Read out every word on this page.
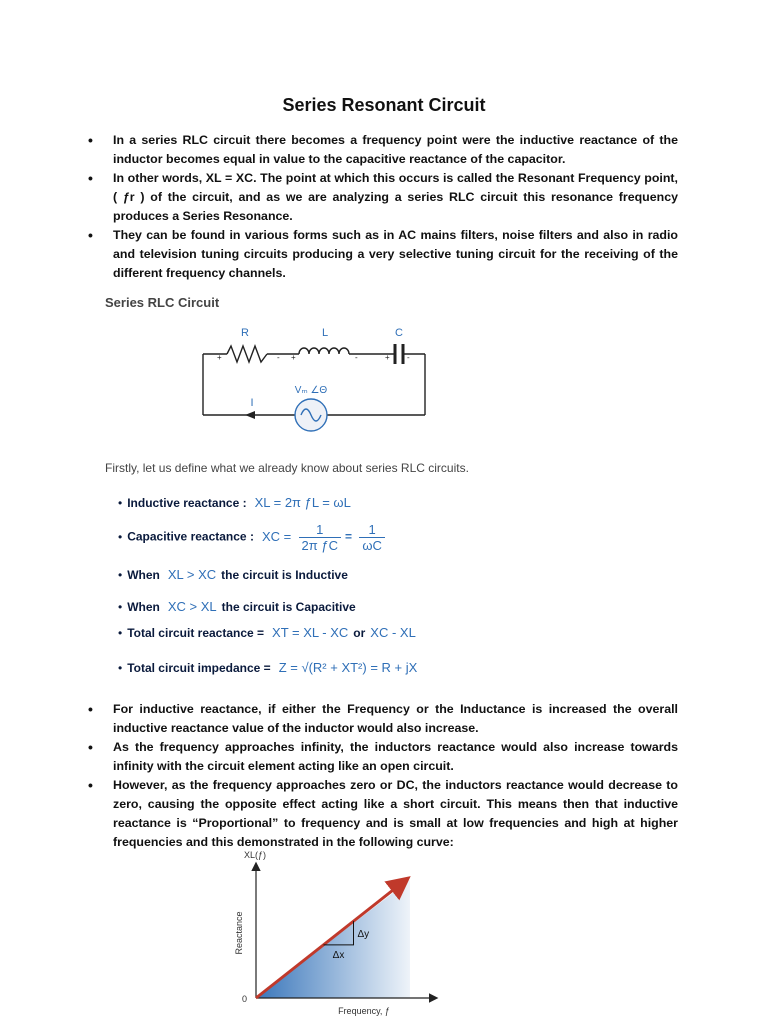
Series Resonant Circuit
• In a series RLC circuit there becomes a frequency point were the inductive reactance of the inductor becomes equal in value to the capacitive reactance of the capacitor.
• In other words, XL = XC. The point at which this occurs is called the Resonant Frequency point, ( ƒr ) of the circuit, and as we are analyzing a series RLC circuit this resonance frequency produces a Series Resonance.
• They can be found in various forms such as in AC mains filters, noise filters and also in radio and television tuning circuits producing a very selective tuning circuit for the receiving of the different frequency channels.
Series RLC Circuit
R	L	C
Vₘ ∠Θ
I
+	- +	-	+ -
Firstly, let us define what we already know about series RLC circuits.
• Inductive reactance : XL = 2π ƒL = ωL
• Capacitive reactance : XC = $\frac{1}{\text{2π ƒC}} = \frac{1}{\omega C}$
• When XL > XC the circuit is Inductive
• When XC > XL the circuit is Capacitive
• Total circuit reactance = XT = XL - XC or XC - XL
• Total circuit impedance = Z = √(R² + XT²) = R + jX
• For inductive reactance, if either the Frequency or the Inductance is increased the overall inductive reactance value of the inductor would also increase.
• As the frequency approaches infinity, the inductors reactance would also increase towards infinity with the circuit element acting like an open circuit.
• However, as the frequency approaches zero or DC, the inductors reactance would decrease to zero, causing the opposite effect acting like a short circuit. This means then that inductive reactance is “Proportional” to frequency and is small at low frequencies and high at higher frequencies and this demonstrated in the following curve:
XL(ƒ)
Reactance
Frequency, ƒ
0
XL = 2πƒL
Δx
Δy
